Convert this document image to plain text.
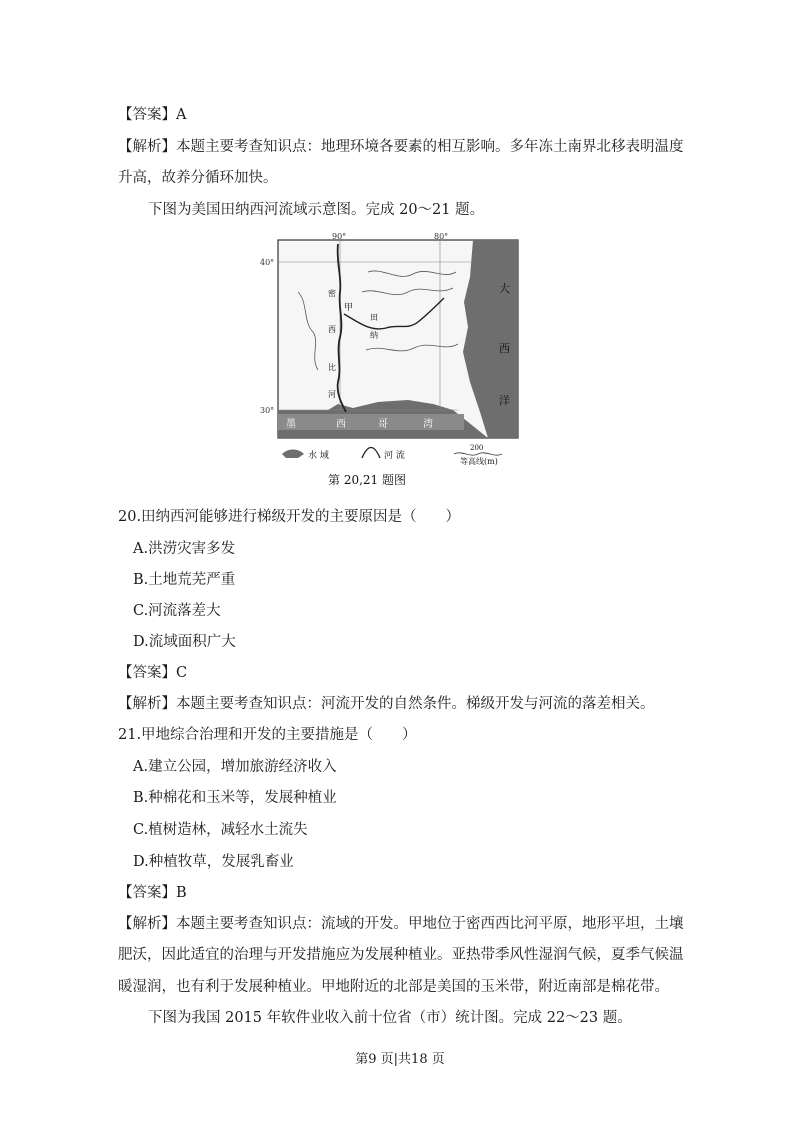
【答案】A
【解析】本题主要考查知识点：地理环境各要素的相互影响。多年冻土南界北移表明温度
升高，故养分循环加快。
下图为美国田纳西河流域示意图。完成 20～21 题。
90°	80°
40°
30°
大
西
洋
墨	西	哥	湾
甲
密
西
比
河
纳
田
水 域	河 流
200
等高线(m)
第 20,21 题图
20.田纳西河能够进行梯级开发的主要原因是（　　）
A.洪涝灾害多发
B.土地荒芜严重
C.河流落差大
D.流域面积广大
【答案】C
【解析】本题主要考查知识点：河流开发的自然条件。梯级开发与河流的落差相关。
21.甲地综合治理和开发的主要措施是（　　）
A.建立公园，增加旅游经济收入
B.种棉花和玉米等，发展种植业
C.植树造林，减轻水土流失
D.种植牧草，发展乳畜业
【答案】B
【解析】本题主要考查知识点：流域的开发。甲地位于密西西比河平原，地形平坦，土壤
肥沃，因此适宜的治理与开发措施应为发展种植业。亚热带季风性湿润气候，夏季气候温
暖湿润，也有利于发展种植业。甲地附近的北部是美国的玉米带，附近南部是棉花带。
下图为我国 2015 年软件业收入前十位省（市）统计图。完成 22～23 题。
第9 页|共18 页
